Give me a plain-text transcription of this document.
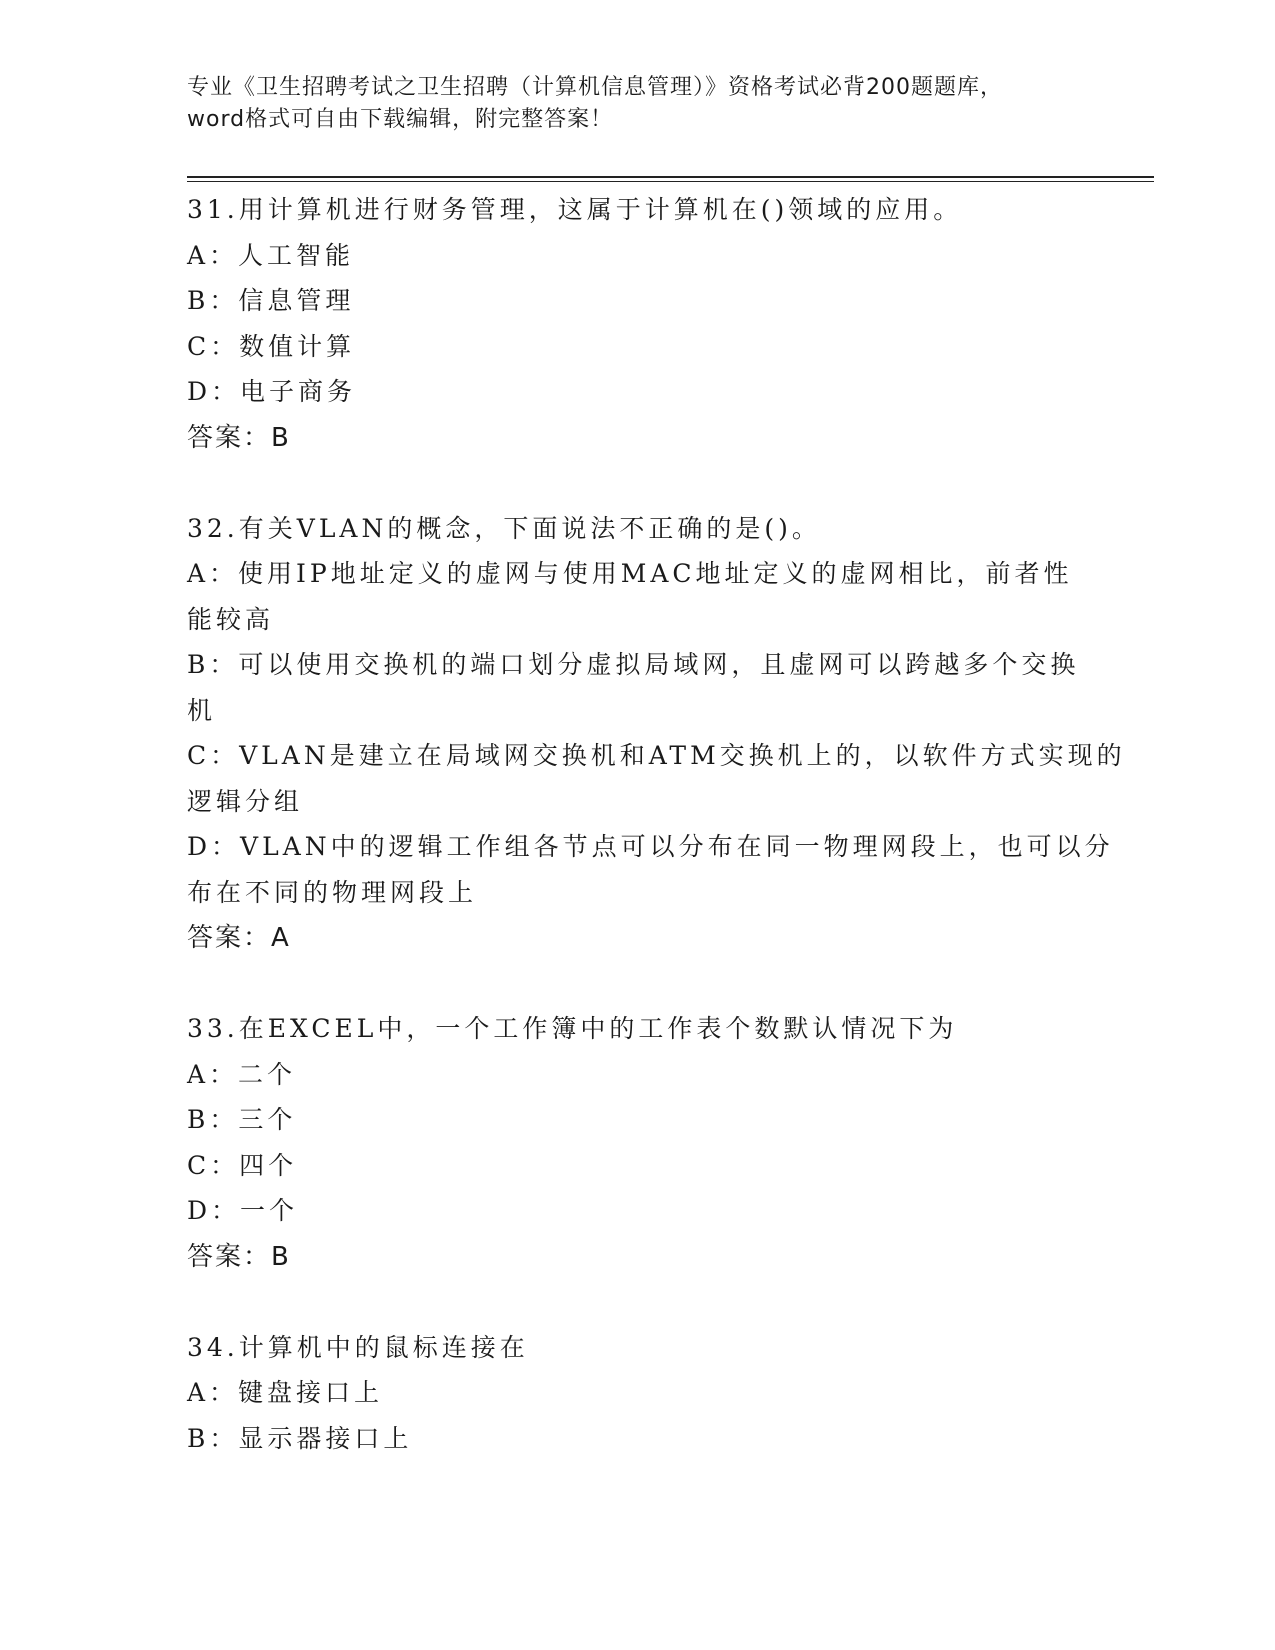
专业《卫生招聘考试之卫生招聘（计算机信息管理）》资格考试必背200题题库，
word格式可自由下载编辑，附完整答案！
31.用计算机进行财务管理，这属于计算机在()领域的应用。
A：人工智能
B：信息管理
C：数值计算
D：电子商务
答案：B
32.有关VLAN的概念，下面说法不正确的是()。
A：使用IP地址定义的虚网与使用MAC地址定义的虚网相比，前者性
能较高
B：可以使用交换机的端口划分虚拟局域网，且虚网可以跨越多个交换
机
C：VLAN是建立在局域网交换机和ATM交换机上的，以软件方式实现的
逻辑分组
D：VLAN中的逻辑工作组各节点可以分布在同一物理网段上，也可以分
布在不同的物理网段上
答案：A
33.在EXCEL中，一个工作簿中的工作表个数默认情况下为
A：二个
B：三个
C：四个
D：一个
答案：B
34.计算机中的鼠标连接在
A：键盘接口上
B：显示器接口上
